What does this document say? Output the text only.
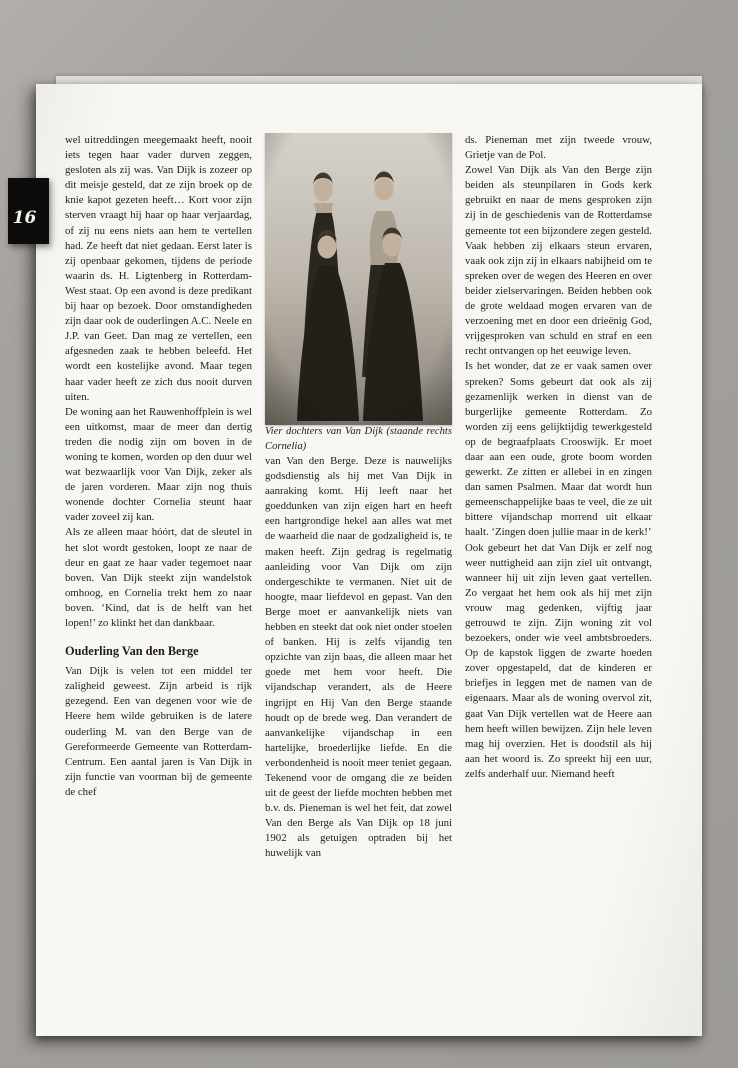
16

wel uitreddingen meegemaakt heeft, nooit iets tegen haar vader durven zeggen, gesloten als zij was. Van Dijk is zozeer op dit meisje gesteld, dat ze zijn broek op de knie kapot gezeten heeft… Kort voor zijn sterven vraagt hij haar op haar verjaardag, of zij nu eens niets aan hem te vertellen had. Ze heeft dat niet gedaan. Eerst later is zij openbaar gekomen, tijdens de periode waarin ds. H. Ligtenberg in Rotterdam-West staat. Op een avond is deze predikant bij haar op bezoek. Door omstandigheden zijn daar ook de ouderlingen A.C. Neele en J.P. van Geet. Dan mag ze vertellen, een afgesneden zaak te hebben beleefd. Het wordt een kostelijke avond. Maar tegen haar vader heeft ze zich dus nooit durven uiten.

De woning aan het Rauwenhoffplein is wel een uitkomst, maar de meer dan dertig treden die nodig zijn om boven in de woning te komen, worden op den duur wel wat bezwaarlijk voor Van Dijk, zeker als de jaren vorderen. Maar zijn nog thuis wonende dochter Cornelia steunt haar vader zoveel zij kan.

Als ze alleen maar hóórt, dat de sleutel in het slot wordt gestoken, loopt ze naar de deur en gaat ze haar vader tegemoet naar boven. Van Dijk steekt zijn wandelstok omhoog, en Cornelia trekt hem zo naar boven. ‘Kind, dat is de helft van het lopen!’ zo klinkt het dan dankbaar.

Ouderling Van den Berge

Van Dijk is velen tot een middel ter zaligheid geweest. Zijn arbeid is rijk gezegend. Een van degenen voor wie de Heere hem wilde gebruiken is de latere ouderling M. van den Berge van de Gereformeerde Gemeente van Rotterdam-Centrum. Een aantal jaren is Van Dijk in zijn functie van voorman bij de gemeente de chef

Vier dochters van Van Dijk (staande rechts Cornelia)

van Van den Berge. Deze is nauwelijks godsdienstig als hij met Van Dijk in aanraking komt. Hij leeft naar het goeddunken van zijn eigen hart en heeft een hartgrondige hekel aan alles wat met de waarheid die naar de godzaligheid is, te maken heeft. Zijn gedrag is regelmatig aanleiding voor Van Dijk om zijn ondergeschikte te vermanen. Niet uit de hoogte, maar liefdevol en gepast. Van den Berge moet er aanvankelijk niets van hebben en steekt dat ook niet onder stoelen of banken. Hij is zelfs vijandig ten opzichte van zijn baas, die alleen maar het goede met hem voor heeft. Die vijandschap verandert, als de Heere ingrijpt en Hij Van den Berge staande houdt op de brede weg. Dan verandert de aanvankelijke vijandschap in een hartelijke, broederlijke liefde. En die verbondenheid is nooit meer teniet gegaan. Tekenend voor de omgang die ze beiden uit de geest der liefde mochten hebben met b.v. ds. Pieneman is wel het feit, dat zowel Van den Berge als Van Dijk op 18 juni 1902 als getuigen optraden bij het huwelijk van

ds. Pieneman met zijn tweede vrouw, Grietje van de Pol.

Zowel Van Dijk als Van den Berge zijn beiden als steunpilaren in Gods kerk gebruikt en naar de mens gesproken zijn zij in de geschiedenis van de Rotterdamse gemeente tot een bijzondere zegen gesteld. Vaak hebben zij elkaars steun ervaren, vaak ook zijn zij in elkaars nabijheid om te spreken over de wegen des Heeren en over beider zielservaringen. Beiden hebben ook de grote weldaad mogen ervaren van de verzoening met en door een drieënig God, vrijgesproken van schuld en straf en een recht ontvangen op het eeuwige leven.

Is het wonder, dat ze er vaak samen over spreken? Soms gebeurt dat ook als zij gezamenlijk werken in dienst van de burgerlijke gemeente Rotterdam. Zo worden zij eens gelijktijdig tewerkgesteld op de begraafplaats Crooswijk. Er moet daar aan een oude, grote boom worden gewerkt. Ze zitten er allebei in en zingen dan samen Psalmen. Maar dat wordt hun gemeenschappelijke baas te veel, die ze uit bittere vijandschap morrend uit elkaar haalt. ‘Zingen doen jullie maar in de kerk!’

Ook gebeurt het dat Van Dijk er zelf nog weer nuttigheid aan zijn ziel uit ontvangt, wanneer hij uit zijn leven gaat vertellen. Zo vergaat het hem ook als hij met zijn vrouw mag gedenken, vijftig jaar getrouwd te zijn. Zijn woning zit vol bezoekers, onder wie veel ambtsbroeders. Op de kapstok liggen de zwarte hoeden zover opgestapeld, dat de kinderen er briefjes in leggen met de namen van de eigenaars. Maar als de woning overvol zit, gaat Van Dijk vertellen wat de Heere aan hem heeft willen bewijzen. Zijn hele leven mag hij overzien. Het is doodstil als hij aan het woord is. Zo spreekt hij een uur, zelfs anderhalf uur. Niemand heeft
